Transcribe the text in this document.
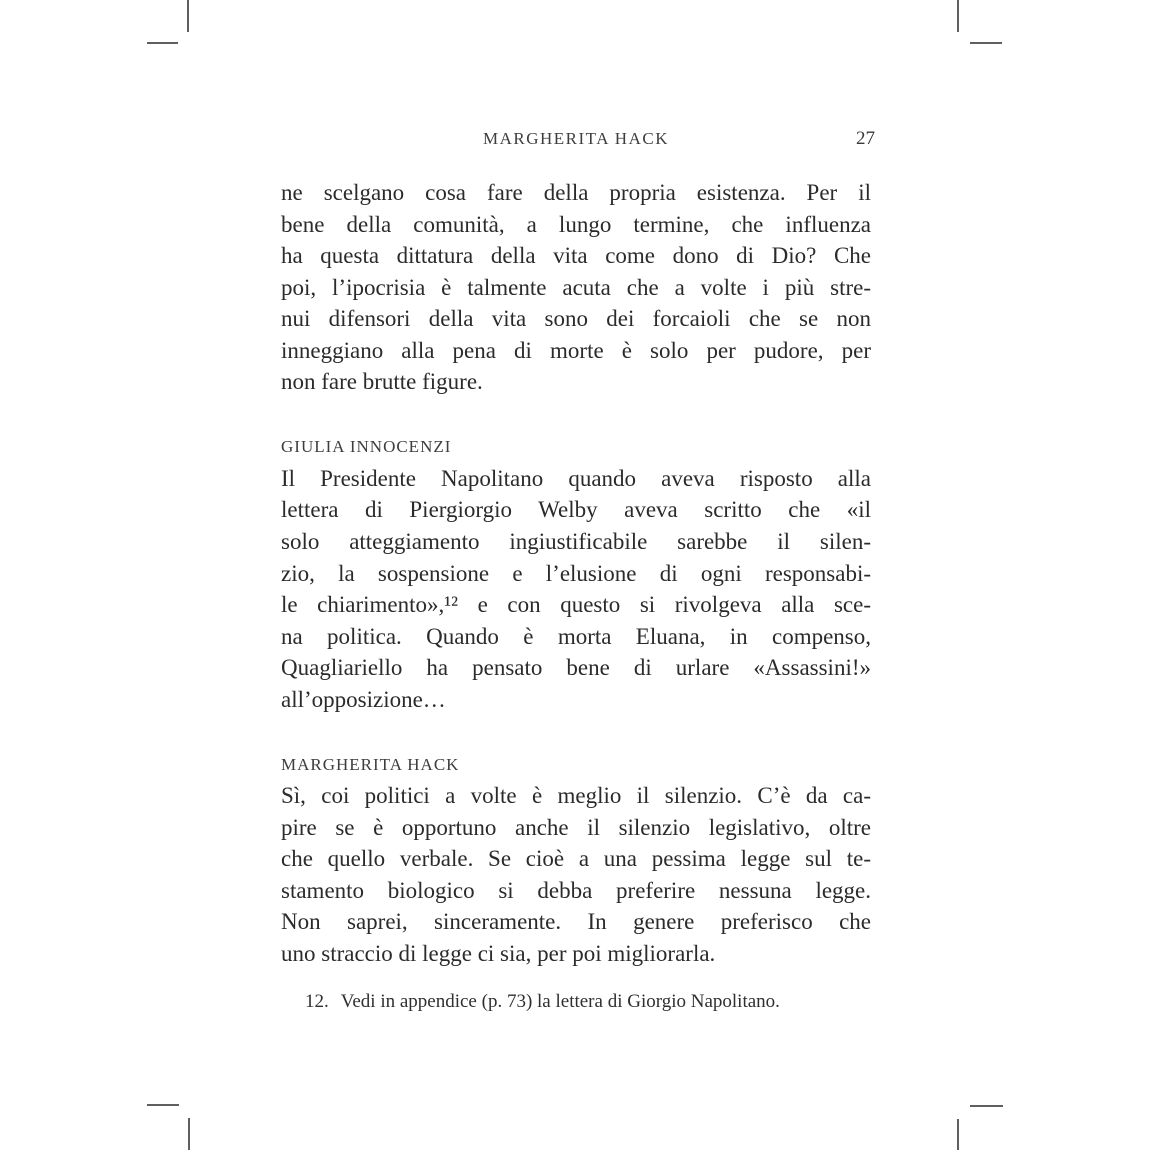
MARGHERITA HACK	27
ne scelgano cosa fare della propria esistenza. Per il
bene della comunità, a lungo termine, che influenza
ha questa dittatura della vita come dono di Dio? Che
poi, l’ipocrisia è talmente acuta che a volte i più stre-
nui difensori della vita sono dei forcaioli che se non
inneggiano alla pena di morte è solo per pudore, per
non fare brutte figure.
GIULIA INNOCENZI
Il Presidente Napolitano quando aveva risposto alla
lettera di Piergiorgio Welby aveva scritto che «il
solo atteggiamento ingiustificabile sarebbe il silen-
zio, la sospensione e l’elusione di ogni responsabi-
le chiarimento»,¹² e con questo si rivolgeva alla sce-
na politica. Quando è morta Eluana, in compenso,
Quagliariello ha pensato bene di urlare «Assassini!»
all’opposizione…
MARGHERITA HACK
Sì, coi politici a volte è meglio il silenzio. C’è da ca-
pire se è opportuno anche il silenzio legislativo, oltre
che quello verbale. Se cioè a una pessima legge sul te-
stamento biologico si debba preferire nessuna legge.
Non saprei, sinceramente. In genere preferisco che
uno straccio di legge ci sia, per poi migliorarla.
12. Vedi in appendice (p. 73) la lettera di Giorgio Napolitano.
